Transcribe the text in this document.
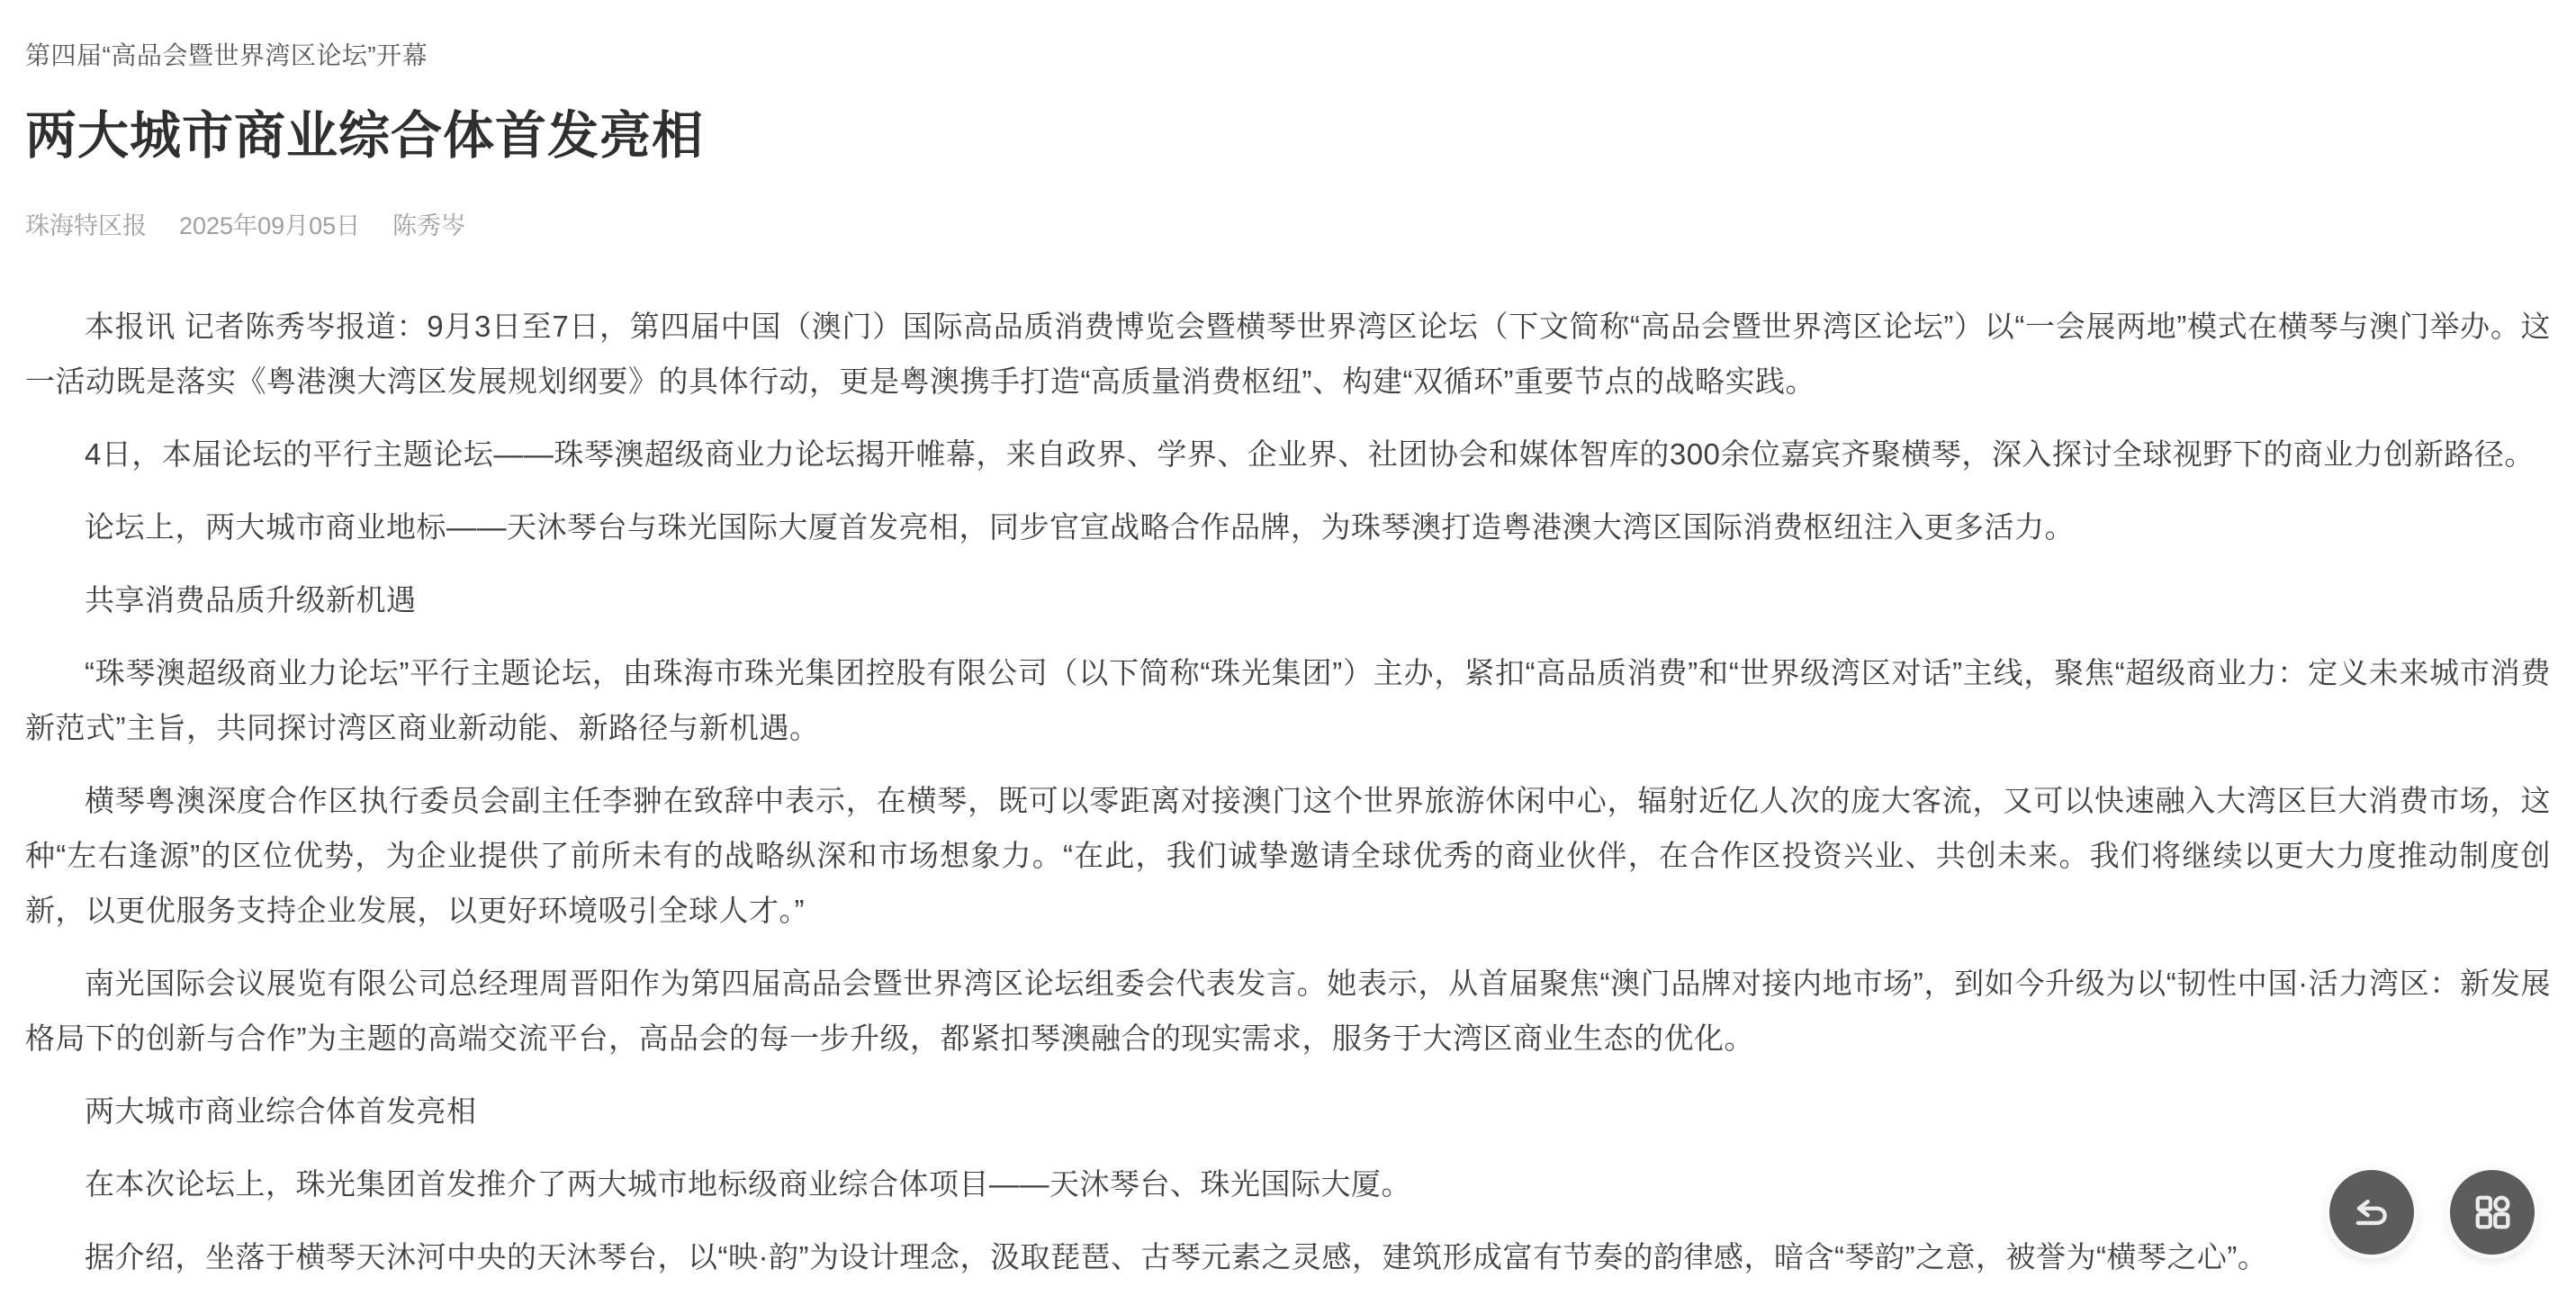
第四届“高品会暨世界湾区论坛”开幕
两大城市商业综合体首发亮相
珠海特区报 2025年09月05日 陈秀岑

本报讯 记者陈秀岑报道：9月3日至7日，第四届中国（澳门）国际高品质消费博览会暨横琴世界湾区论坛（下文简称“高品会暨世界湾区论坛”）以“一会展两地”模式在横琴与澳门举办。这一活动既是落实《粤港澳大湾区发展规划纲要》的具体行动，更是粤澳携手打造“高质量消费枢纽”、构建“双循环”重要节点的战略实践。

4日，本届论坛的平行主题论坛——珠琴澳超级商业力论坛揭开帷幕，来自政界、学界、企业界、社团协会和媒体智库的300余位嘉宾齐聚横琴，深入探讨全球视野下的商业力创新路径。

论坛上，两大城市商业地标——天沐琴台与珠光国际大厦首发亮相，同步官宣战略合作品牌，为珠琴澳打造粤港澳大湾区国际消费枢纽注入更多活力。

共享消费品质升级新机遇

“珠琴澳超级商业力论坛”平行主题论坛，由珠海市珠光集团控股有限公司（以下简称“珠光集团”）主办，紧扣“高品质消费”和“世界级湾区对话”主线，聚焦“超级商业力：定义未来城市消费新范式”主旨，共同探讨湾区商业新动能、新路径与新机遇。

横琴粤澳深度合作区执行委员会副主任李翀在致辞中表示，在横琴，既可以零距离对接澳门这个世界旅游休闲中心，辐射近亿人次的庞大客流，又可以快速融入大湾区巨大消费市场，这种“左右逢源”的区位优势，为企业提供了前所未有的战略纵深和市场想象力。“在此，我们诚挚邀请全球优秀的商业伙伴，在合作区投资兴业、共创未来。我们将继续以更大力度推动制度创新，以更优服务支持企业发展，以更好环境吸引全球人才。”

南光国际会议展览有限公司总经理周晋阳作为第四届高品会暨世界湾区论坛组委会代表发言。她表示，从首届聚焦“澳门品牌对接内地市场”，到如今升级为以“韧性中国·活力湾区：新发展格局下的创新与合作”为主题的高端交流平台，高品会的每一步升级，都紧扣琴澳融合的现实需求，服务于大湾区商业生态的优化。

两大城市商业综合体首发亮相

在本次论坛上，珠光集团首发推介了两大城市地标级商业综合体项目——天沐琴台、珠光国际大厦。

据介绍，坐落于横琴天沐河中央的天沐琴台，以“映·韵”为设计理念，汲取琵琶、古琴元素之灵感，建筑形成富有节奏的韵律感，暗含“琴韵”之意，被誉为“横琴之心”。
